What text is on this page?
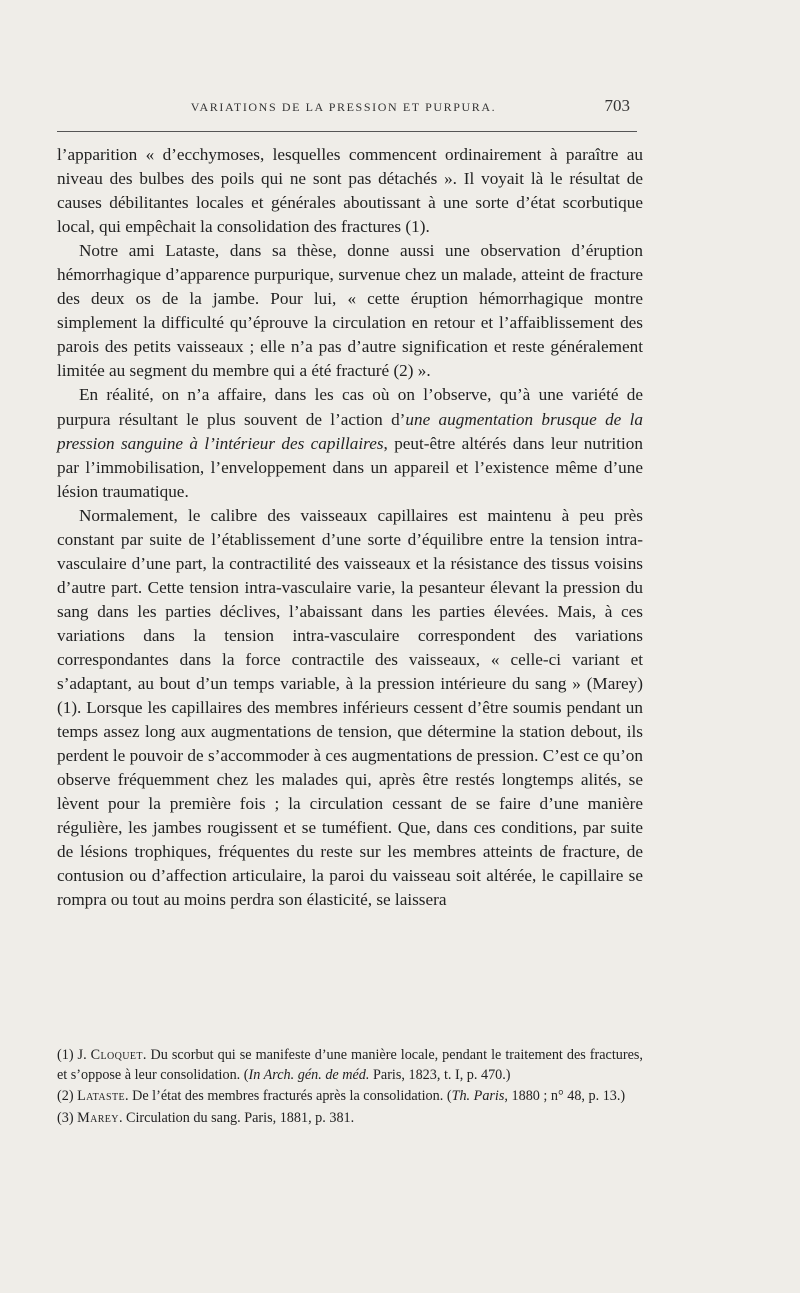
VARIATIONS DE LA PRESSION ET PURPURA.	703

l’apparition « d’ecchymoses, lesquelles commencent ordinairement à paraître au niveau des bulbes des poils qui ne sont pas détachés ». Il voyait là le résultat de causes débilitantes locales et générales aboutissant à une sorte d’état scorbutique local, qui empêchait la consolidation des fractures (1).

Notre ami Lataste, dans sa thèse, donne aussi une observation d’éruption hémorrhagique d’apparence purpurique, survenue chez un malade, atteint de fracture des deux os de la jambe. Pour lui, « cette éruption hémorrhagique montre simplement la difficulté qu’éprouve la circulation en retour et l’affaiblissement des parois des petits vaisseaux ; elle n’a pas d’autre signification et reste généralement limitée au segment du membre qui a été fracturé (2) ».

En réalité, on n’a affaire, dans les cas où on l’observe, qu’à une variété de purpura résultant le plus souvent de l’action d’une augmentation brusque de la pression sanguine à l’intérieur des capillaires, peut-être altérés dans leur nutrition par l’immobilisation, l’enveloppement dans un appareil et l’existence même d’une lésion traumatique.

Normalement, le calibre des vaisseaux capillaires est maintenu à peu près constant par suite de l’établissement d’une sorte d’équilibre entre la tension intra-vasculaire d’une part, la contractilité des vaisseaux et la résistance des tissus voisins d’autre part. Cette tension intra-vasculaire varie, la pesanteur élevant la pression du sang dans les parties déclives, l’abaissant dans les parties élevées. Mais, à ces variations dans la tension intra-vasculaire correspondent des variations correspondantes dans la force contractile des vaisseaux, « celle-ci variant et s’adaptant, au bout d’un temps variable, à la pression intérieure du sang » (Marey) (1). Lorsque les capillaires des membres inférieurs cessent d’être soumis pendant un temps assez long aux augmentations de tension, que détermine la station debout, ils perdent le pouvoir de s’accommoder à ces augmentations de pression. C’est ce qu’on observe fréquemment chez les malades qui, après être restés longtemps alités, se lèvent pour la première fois ; la circulation cessant de se faire d’une manière régulière, les jambes rougissent et se tuméfient. Que, dans ces conditions, par suite de lésions trophiques, fréquentes du reste sur les membres atteints de fracture, de contusion ou d’affection articulaire, la paroi du vaisseau soit altérée, le capillaire se rompra ou tout au moins perdra son élasticité, se laissera

(1) J. Cloquet. Du scorbut qui se manifeste d’une manière locale, pendant le traitement des fractures, et s’oppose à leur consolidation. (In Arch. gén. de méd. Paris, 1823, t. I, p. 470.)

(2) Lataste. De l’état des membres fracturés après la consolidation. (Th. Paris, 1880 ; n° 48, p. 13.)

(3) Marey. Circulation du sang. Paris, 1881, p. 381.
